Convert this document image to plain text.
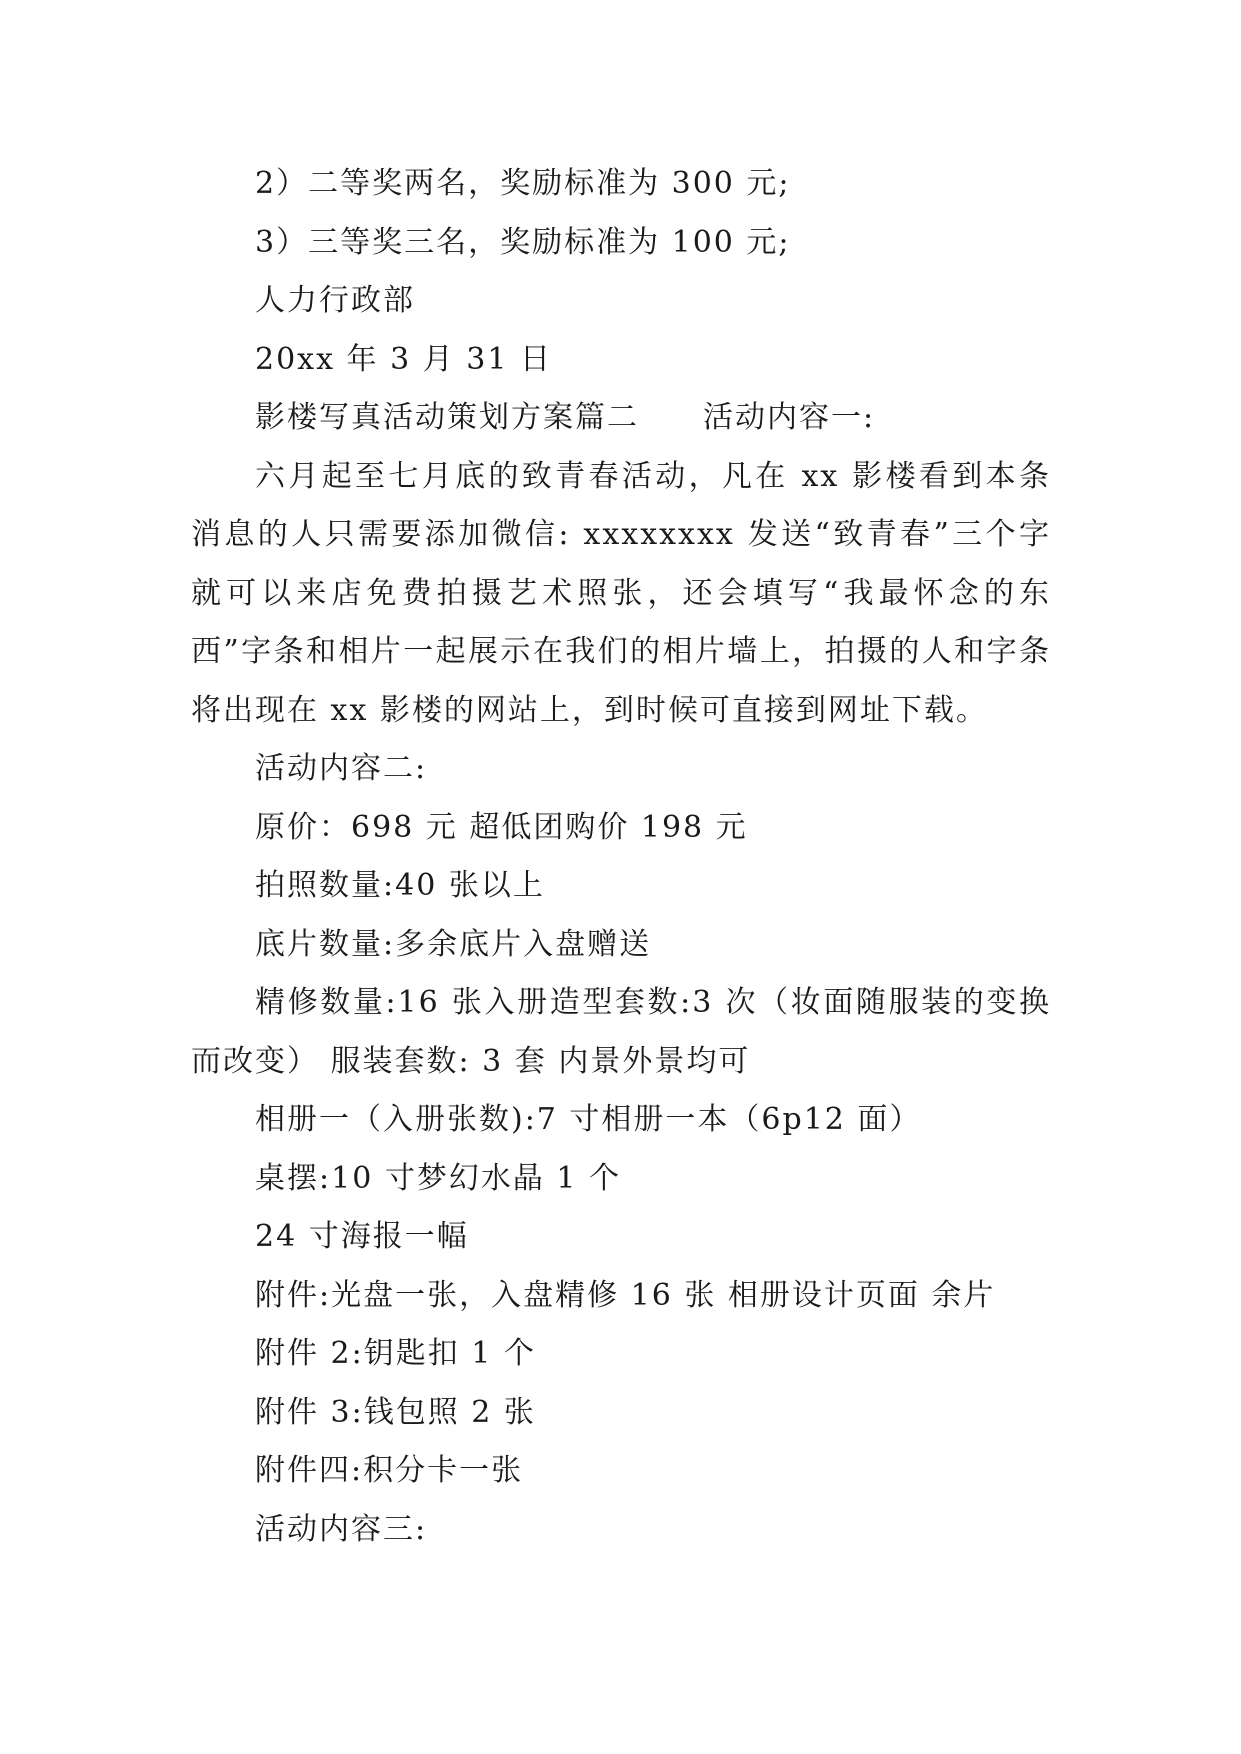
2）二等奖两名，奖励标准为 300 元;

3）三等奖三名，奖励标准为 100 元;

人力行政部

20xx 年 3 月 31 日

影楼写真活动策划方案篇二　　活动内容一:

六月起至七月底的致青春活动，凡在 xx 影楼看到本条消息的人只需要添加微信: xxxxxxxx 发送“致青春”三个字就可以来店免费拍摄艺术照张，还会填写“我最怀念的东西”字条和相片一起展示在我们的相片墙上，拍摄的人和字条将出现在 xx 影楼的网站上，到时候可直接到网址下载。

活动内容二:

原价：698 元 超低团购价 198 元

拍照数量:40 张以上

底片数量:多余底片入盘赠送

精修数量:16 张入册造型套数:3 次（妆面随服装的变换而改变） 服装套数: 3 套 内景外景均可

相册一（入册张数):7 寸相册一本（6p12 面）

桌摆:10 寸梦幻水晶 1 个

24 寸海报一幅

附件:光盘一张，入盘精修 16 张 相册设计页面 余片

附件 2:钥匙扣 1 个

附件 3:钱包照 2 张

附件四:积分卡一张

活动内容三:
